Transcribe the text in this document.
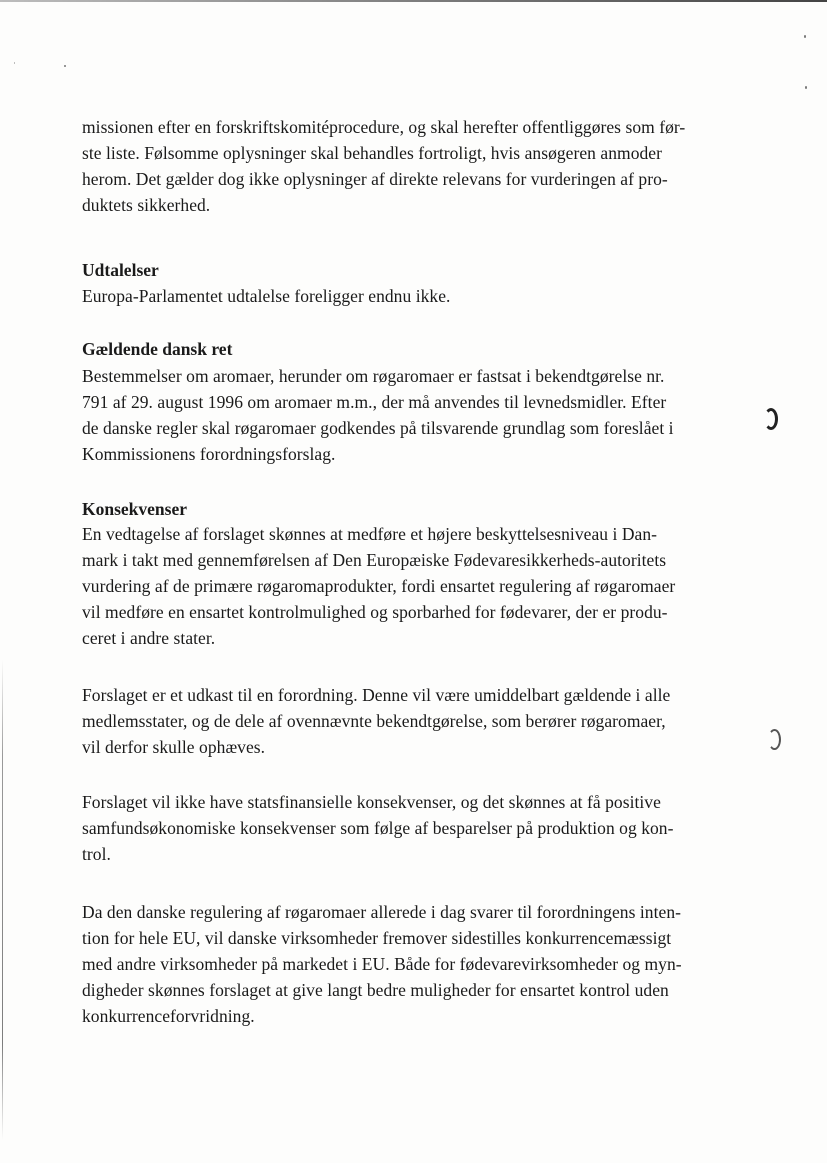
missionen efter en forskriftskomitéprocedure, og skal herefter offentliggøres som før-
ste liste. Følsomme oplysninger skal behandles fortroligt, hvis ansøgeren anmoder
herom. Det gælder dog ikke oplysninger af direkte relevans for vurderingen af pro-
duktets sikkerhed.

Udtalelser

Europa-Parlamentet udtalelse foreligger endnu ikke.

Gældende dansk ret

Bestemmelser om aromaer, herunder om røgaromaer er fastsat i bekendtgørelse nr.
791 af 29. august 1996 om aromaer m.m., der må anvendes til levnedsmidler. Efter
de danske regler skal røgaromaer godkendes på tilsvarende grundlag som foreslået i
Kommissionens forordningsforslag.

Konsekvenser

En vedtagelse af forslaget skønnes at medføre et højere beskyttelsesniveau i Dan-
mark i takt med gennemførelsen af Den Europæiske Fødevaresikkerheds-autoritets
vurdering af de primære røgaromaprodukter, fordi ensartet regulering af røgaromaer
vil medføre en ensartet kontrolmulighed og sporbarhed for fødevarer, der er produ-
ceret i andre stater.

Forslaget er et udkast til en forordning. Denne vil være umiddelbart gældende i alle
medlemsstater, og de dele af ovennævnte bekendtgørelse, som berører røgaromaer,
vil derfor skulle ophæves.

Forslaget vil ikke have statsfinansielle konsekvenser, og det skønnes at få positive
samfundsøkonomiske konsekvenser som følge af besparelser på produktion og kon-
trol.

Da den danske regulering af røgaromaer allerede i dag svarer til forordningens inten-
tion for hele EU, vil danske virksomheder fremover sidestilles konkurrencemæssigt
med andre virksomheder på markedet i EU. Både for fødevarevirksomheder og myn-
digheder skønnes forslaget at give langt bedre muligheder for ensartet kontrol uden
konkurrenceforvridning.
